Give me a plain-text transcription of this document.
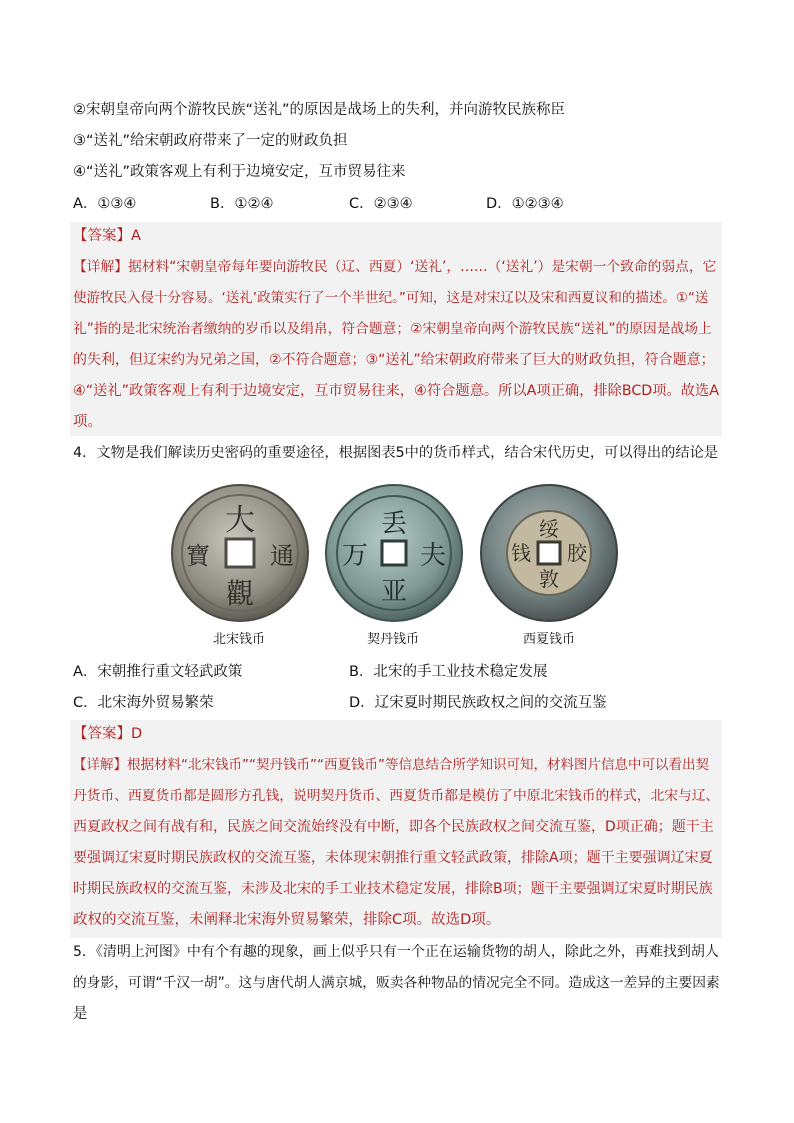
②宋朝皇帝向两个游牧民族“送礼”的原因是战场上的失利，并向游牧民族称臣
③“送礼”给宋朝政府带来了一定的财政负担
④“送礼”政策客观上有利于边境安定，互市贸易往来
A．①③④	B．①②④	C．②③④	D．①②③④
【答案】A
【详解】据材料“宋朝皇帝每年要向游牧民（辽、西夏）‘送礼’，……（‘送礼’）是宋朝一个致命的弱点，它
使游牧民入侵十分容易。‘送礼’政策实行了一个半世纪。”可知，这是对宋辽以及宋和西夏议和的描述。①“送
礼”指的是北宋统治者缴纳的岁币以及绢帛，符合题意；②宋朝皇帝向两个游牧民族“送礼”的原因是战场上
的失利，但辽宋约为兄弟之国，②不符合题意；③“送礼”给宋朝政府带来了巨大的财政负担，符合题意；
④“送礼”政策客观上有利于边境安定，互市贸易往来，④符合题意。所以A项正确，排除BCD项。故选A
项。
4．文物是我们解读历史密码的重要途径，根据图表5中的货币样式，结合宋代历史，可以得出的结论是
大
觀
寶	通
丢
亚
万 夫
绥
敦
钱 胶
北宋钱币	契丹钱币	西夏钱币
A．宋朝推行重文轻武政策	B．北宋的手工业技术稳定发展
C．北宋海外贸易繁荣	D．辽宋夏时期民族政权之间的交流互鉴
【答案】D
【详解】根据材料“北宋钱币”“契丹钱币”“西夏钱币”等信息结合所学知识可知，材料图片信息中可以看出契
丹货币、西夏货币都是圆形方孔钱，说明契丹货币、西夏货币都是模仿了中原北宋钱币的样式，北宋与辽、
西夏政权之间有战有和，民族之间交流始终没有中断，即各个民族政权之间交流互鉴，D项正确；题干主
要强调辽宋夏时期民族政权的交流互鉴，未体现宋朝推行重文轻武政策，排除A项；题干主要强调辽宋夏
时期民族政权的交流互鉴，未涉及北宋的手工业技术稳定发展，排除B项；题干主要强调辽宋夏时期民族
政权的交流互鉴，未阐释北宋海外贸易繁荣，排除C项。故选D项。
5．《清明上河图》中有个有趣的现象，画上似乎只有一个正在运输货物的胡人，除此之外，再难找到胡人
的身影，可谓“千汉一胡”。这与唐代胡人满京城，贩卖各种物品的情况完全不同。造成这一差异的主要因素
是
